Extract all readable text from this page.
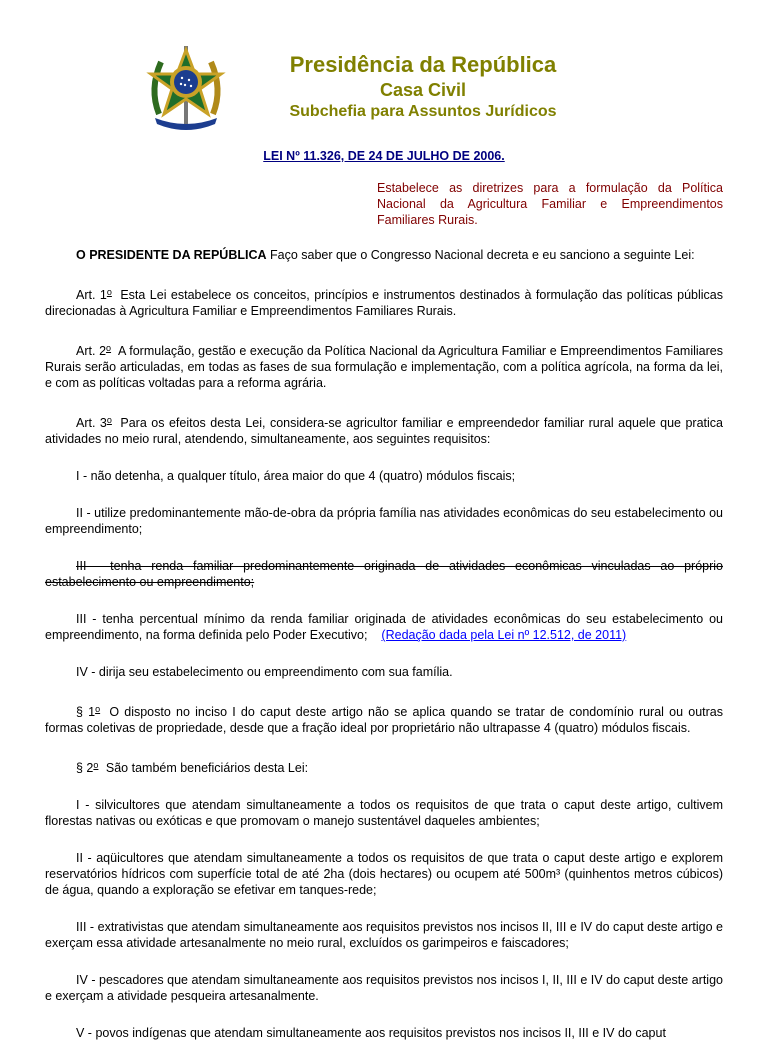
Presidência da República
Casa Civil
Subchefia para Assuntos Jurídicos
LEI Nº 11.326, DE 24 DE JULHO DE 2006.
Estabelece as diretrizes para a formulação da Política Nacional da Agricultura Familiar e Empreendimentos Familiares Rurais.

O PRESIDENTE DA REPÚBLICA Faço saber que o Congresso Nacional decreta e eu sanciono a seguinte Lei:

Art. 1$^o$ Esta Lei estabelece os conceitos, princípios e instrumentos destinados à formulação das políticas públicas direcionadas à Agricultura Familiar e Empreendimentos Familiares Rurais.

Art. 2$^o$ A formulação, gestão e execução da Política Nacional da Agricultura Familiar e Empreendimentos Familiares Rurais serão articuladas, em todas as fases de sua formulação e implementação, com a política agrícola, na forma da lei, e com as políticas voltadas para a reforma agrária.

Art. 3$^o$ Para os efeitos desta Lei, considera-se agricultor familiar e empreendedor familiar rural aquele que pratica atividades no meio rural, atendendo, simultaneamente, aos seguintes requisitos:

I - não detenha, a qualquer título, área maior do que 4 (quatro) módulos fiscais;

II - utilize predominantemente mão-de-obra da própria família nas atividades econômicas do seu estabelecimento ou empreendimento;

III - tenha renda familiar predominantemente originada de atividades econômicas vinculadas ao próprio estabelecimento ou empreendimento;

III - tenha percentual mínimo da renda familiar originada de atividades econômicas do seu estabelecimento ou empreendimento, na forma definida pelo Poder Executivo; (Redação dada pela Lei nº 12.512, de 2011)

IV - dirija seu estabelecimento ou empreendimento com sua família.

§ 1$^o$ O disposto no inciso I do caput deste artigo não se aplica quando se tratar de condomínio rural ou outras formas coletivas de propriedade, desde que a fração ideal por proprietário não ultrapasse 4 (quatro) módulos fiscais.

§ 2$^o$ São também beneficiários desta Lei:

I - silvicultores que atendam simultaneamente a todos os requisitos de que trata o caput deste artigo, cultivem florestas nativas ou exóticas e que promovam o manejo sustentável daqueles ambientes;

II - aqüicultores que atendam simultaneamente a todos os requisitos de que trata o caput deste artigo e explorem reservatórios hídricos com superfície total de até 2ha (dois hectares) ou ocupem até 500m³ (quinhentos metros cúbicos) de água, quando a exploração se efetivar em tanques-rede;

III - extrativistas que atendam simultaneamente aos requisitos previstos nos incisos II, III e IV do caput deste artigo e exerçam essa atividade artesanalmente no meio rural, excluídos os garimpeiros e faiscadores;

IV - pescadores que atendam simultaneamente aos requisitos previstos nos incisos I, II, III e IV do caput deste artigo e exerçam a atividade pesqueira artesanalmente.

V - povos indígenas que atendam simultaneamente aos requisitos previstos nos incisos II, III e IV do caput
